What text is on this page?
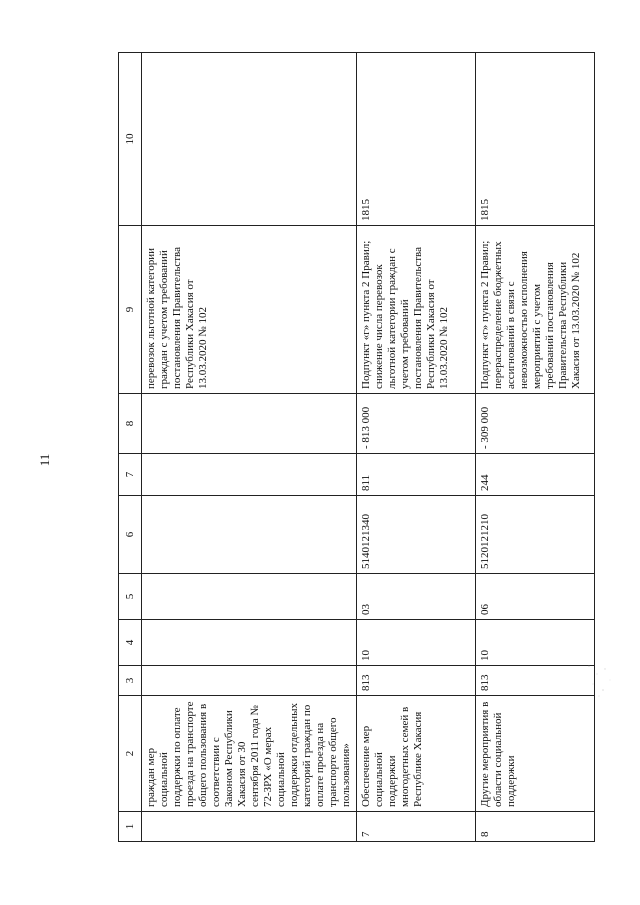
11
1	2	3	4	5	6	7	8	9	10
	граждан мер социальной поддержки по оплате проезда на транспорте общего пользования в соответствии с Законом Республики Хакасия от 30 сентября 2011 года № 72-ЗРХ «О мерах социальной поддержки отдельных категорий граждан по оплате проезда на транспорте общего пользования»							перевозок льготной категории граждан с учетом требований постановления Правительства Республики Хакасия от 13.03.2020 № 102	
7	Обеспечение мер социальной поддержки многодетных семей в Республике Хакасия	813	10	03	5140121340	811	- 813 000	Подпункт «г» пункта 2 Правил; снижение числа перевозок льготной категории граждан с учетом требований постановления Правительства Республики Хакасия от 13.03.2020 № 102	1815
8	Другие мероприятия в области социальной поддержки	813	10	06	5120121210	244	- 309 000	Подпункт «г» пункта 2 Правил; перераспределение бюджетных ассигнований в связи с невозможностью исполнения мероприятий с учетом требований постановления Правительства Республики Хакасия от 13.03.2020 № 102	1815
